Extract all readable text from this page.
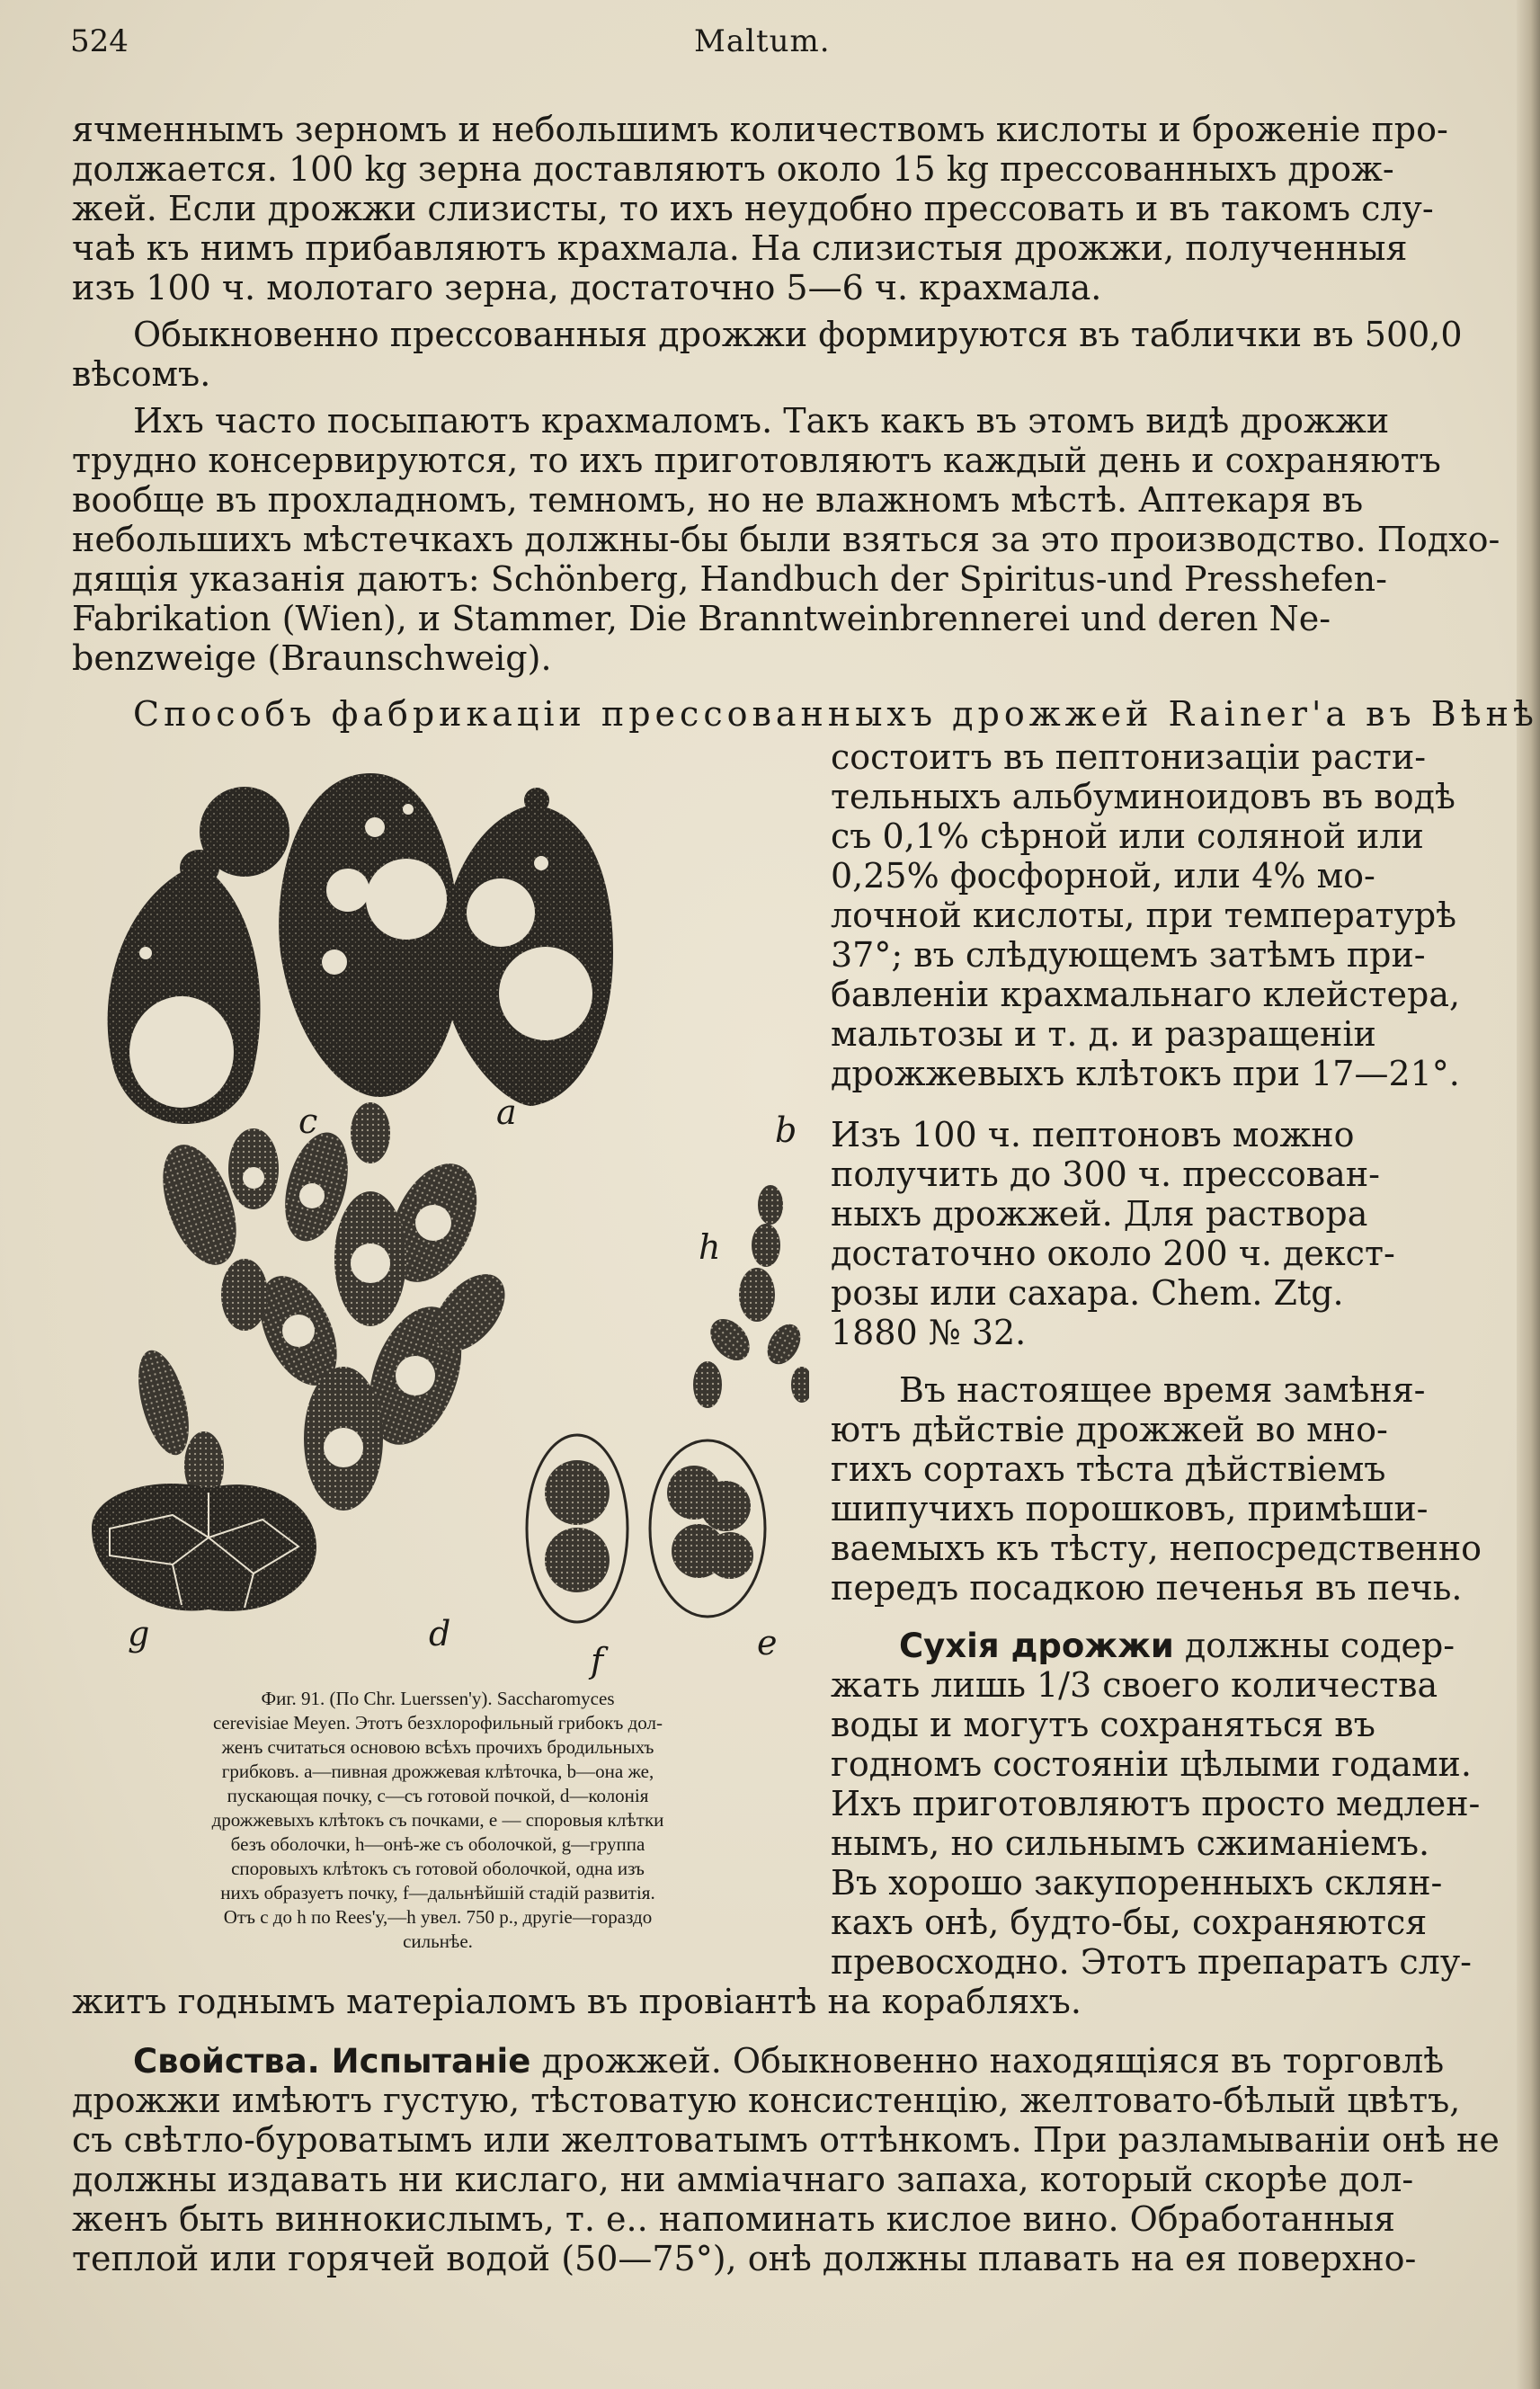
524	Maltum.
ячменнымъ зерномъ и небольшимъ количествомъ кислоты и броженіе про-
должается. 100 kg зерна доставляютъ около 15 kg прессованныхъ дрож-
жей. Если дрожжи слизисты, то ихъ неудобно прессовать и въ такомъ слу-
чаѣ къ нимъ прибавляютъ крахмала. На слизистыя дрожжи, полученныя
изъ 100 ч. молотаго зерна, достаточно 5—6 ч. крахмала.
Обыкновенно прессованныя дрожжи формируются въ таблички въ 500,0
вѣсомъ.
Ихъ часто посыпаютъ крахмаломъ. Такъ какъ въ этомъ видѣ дрожжи
трудно консервируются, то ихъ приготовляютъ каждый день и сохраняютъ
вообще въ прохладномъ, темномъ, но не влажномъ мѣстѣ. Аптекаря въ
небольшихъ мѣстечкахъ должны-бы были взяться за это производство. Подхо-
дящія указанія даютъ: Schönberg, Handbuch der Spiritus-und Presshefen-
Fabrikation (Wien), и Stammer, Die Branntweinbrennerei und deren Ne-
benzweige (Braunschweig).
Способъ фабрикаціи прессованныхъ дрожжей Rainer'а въ Вѣнѣ
состоитъ въ пептонизаціи расти-
тельныхъ альбуминоидовъ въ водѣ
съ 0,1% сѣрной или соляной или
0,25% фосфорной, или 4% мо-
лочной кислоты, при температурѣ
37°; въ слѣдующемъ затѣмъ при-
бавленіи крахмальнаго клейстера,
мальтозы и т. д. и разращеніи
дрожжевыхъ клѣтокъ при 17—21°.
Изъ 100 ч. пептоновъ можно
получить до 300 ч. прессован-
ныхъ дрожжей. Для раствора
достаточно около 200 ч. декст-
розы или сахара. Chem. Ztg.
1880 № 32.
Въ настоящее время замѣня-
ютъ дѣйствіе дрожжей во мно-
гихъ сортахъ тѣста дѣйствіемъ
шипучихъ порошковъ, примѣши-
ваемыхъ къ тѣсту, непосредственно
передъ посадкою печенья въ печь.
Сухія дрожжи должны содер-
жать лишь 1/3 своего количества
воды и могутъ сохраняться въ
годномъ состояніи цѣлыми годами.
Ихъ приготовляютъ просто медлен-
нымъ, но сильнымъ сжиманіемъ.
Въ хорошо закупоренныхъ склян-
кахъ онѣ, будто-бы, сохраняются
превосходно. Этотъ препаратъ слу-
c	a	b
h
g	d
f	e
Фиг. 91. (По Chr. Luerssen'у). Saccharomyces
cerevisiae Meyen. Этотъ безхлорофильный грибокъ дол-
женъ считаться основою всѣхъ прочихъ бродильныхъ
грибковъ. a—пивная дрожжевая клѣточка, b—она же,
пускающая почку, c—съ готовой почкой, d—колонія
дрожжевыхъ клѣтокъ съ почками, e — споровыя клѣтки
безъ оболочки, h—онѣ-же съ оболочкой, g—группа
споровыхъ клѣтокъ съ готовой оболочкой, одна изъ
нихъ образуетъ почку, f—дальнѣйшій стадій развитія.
Отъ c до h по Rees'у,—h увел. 750 р., другiе—гораздо
сильнѣе.
житъ годнымъ матеріаломъ въ провіантѣ на корабляхъ.
Свойства. Испытаніе дрожжей. Обыкновенно находящіяся въ торговлѣ
дрожжи имѣютъ густую, тѣстоватую консистенцію, желтовато-бѣлый цвѣтъ,
съ свѣтло-буроватымъ или желтоватымъ оттѣнкомъ. При разламываніи онѣ не
должны издавать ни кислаго, ни аммiачнаго запаха, который скорѣе дол-
женъ быть виннокислымъ, т. е.. напоминать кислое вино. Обработанныя
теплой или горячей водой (50—75°), онѣ должны плавать на ея поверхно-
